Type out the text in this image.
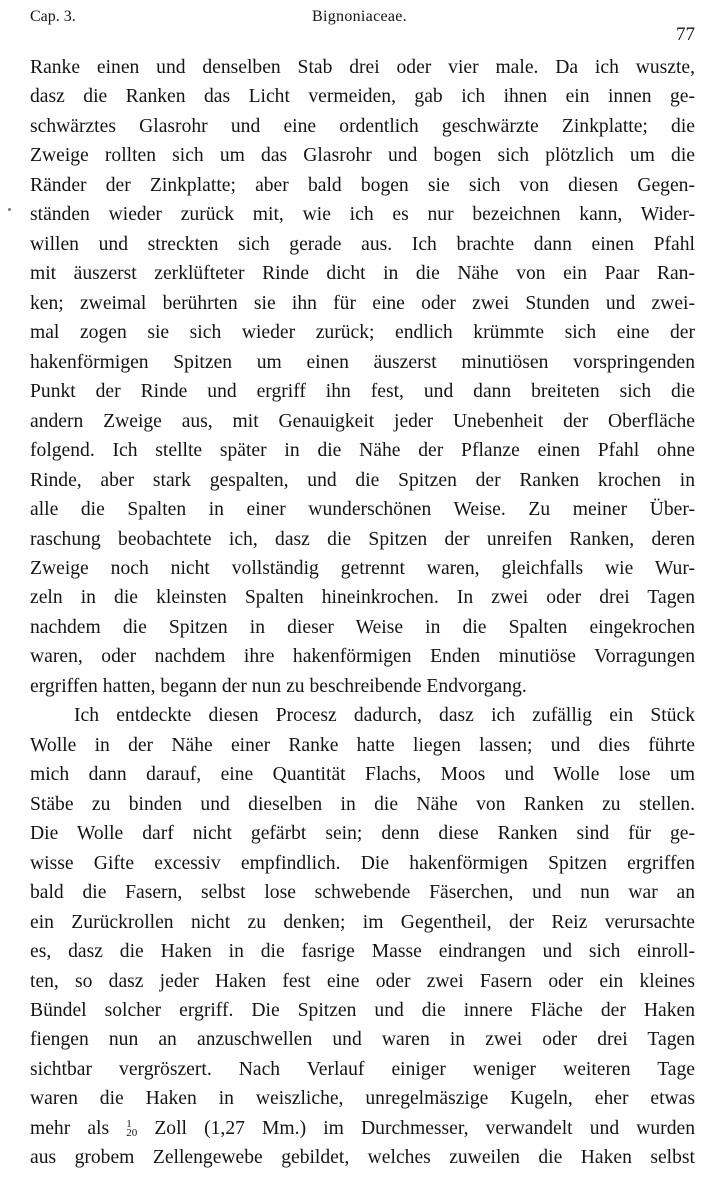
Cap. 3.	Bignoniaceae.
77
Ranke einen und denselben Stab drei oder vier male. Da ich wuszte,
dasz die Ranken das Licht vermeiden, gab ich ihnen ein innen ge-
schwärztes Glasrohr und eine ordentlich geschwärzte Zinkplatte; die
Zweige rollten sich um das Glasrohr und bogen sich plötzlich um die
Ränder der Zinkplatte; aber bald bogen sie sich von diesen Gegen-
ständen wieder zurück mit, wie ich es nur bezeichnen kann, Wider-
willen und streckten sich gerade aus. Ich brachte dann einen Pfahl
mit äuszerst zerklüfteter Rinde dicht in die Nähe von ein Paar Ran-
ken; zweimal berührten sie ihn für eine oder zwei Stunden und zwei-
mal zogen sie sich wieder zurück; endlich krümmte sich eine der
hakenförmigen Spitzen um einen äuszerst minutiösen vorspringenden
Punkt der Rinde und ergriff ihn fest, und dann breiteten sich die
andern Zweige aus, mit Genauigkeit jeder Unebenheit der Oberfläche
folgend. Ich stellte später in die Nähe der Pflanze einen Pfahl ohne
Rinde, aber stark gespalten, und die Spitzen der Ranken krochen in
alle die Spalten in einer wunderschönen Weise. Zu meiner Über-
raschung beobachtete ich, dasz die Spitzen der unreifen Ranken, deren
Zweige noch nicht vollständig getrennt waren, gleichfalls wie Wur-
zeln in die kleinsten Spalten hineinkrochen. In zwei oder drei Tagen
nachdem die Spitzen in dieser Weise in die Spalten eingekrochen
waren, oder nachdem ihre hakenförmigen Enden minutiöse Vorragungen
ergriffen hatten, begann der nun zu beschreibende Endvorgang.
Ich entdeckte diesen Procesz dadurch, dasz ich zufällig ein Stück
Wolle in der Nähe einer Ranke hatte liegen lassen; und dies führte
mich dann darauf, eine Quantität Flachs, Moos und Wolle lose um
Stäbe zu binden und dieselben in die Nähe von Ranken zu stellen.
Die Wolle darf nicht gefärbt sein; denn diese Ranken sind für ge-
wisse Gifte excessiv empfindlich. Die hakenförmigen Spitzen ergriffen
bald die Fasern, selbst lose schwebende Fäserchen, und nun war an
ein Zurückrollen nicht zu denken; im Gegentheil, der Reiz verursachte
es, dasz die Haken in die fasrige Masse eindrangen und sich einroll-
ten, so dasz jeder Haken fest eine oder zwei Fasern oder ein kleines
Bündel solcher ergriff. Die Spitzen und die innere Fläche der Haken
fiengen nun an anzuschwellen und waren in zwei oder drei Tagen
sichtbar vergröszert. Nach Verlauf einiger weniger weiteren Tage
waren die Haken in weiszliche, unregelmäszige Kugeln, eher etwas
mehr als 1
20 Zoll (1,27 Mm.) im Durchmesser, verwandelt und wurden
aus grobem Zellengewebe gebildet, welches zuweilen die Haken selbst
